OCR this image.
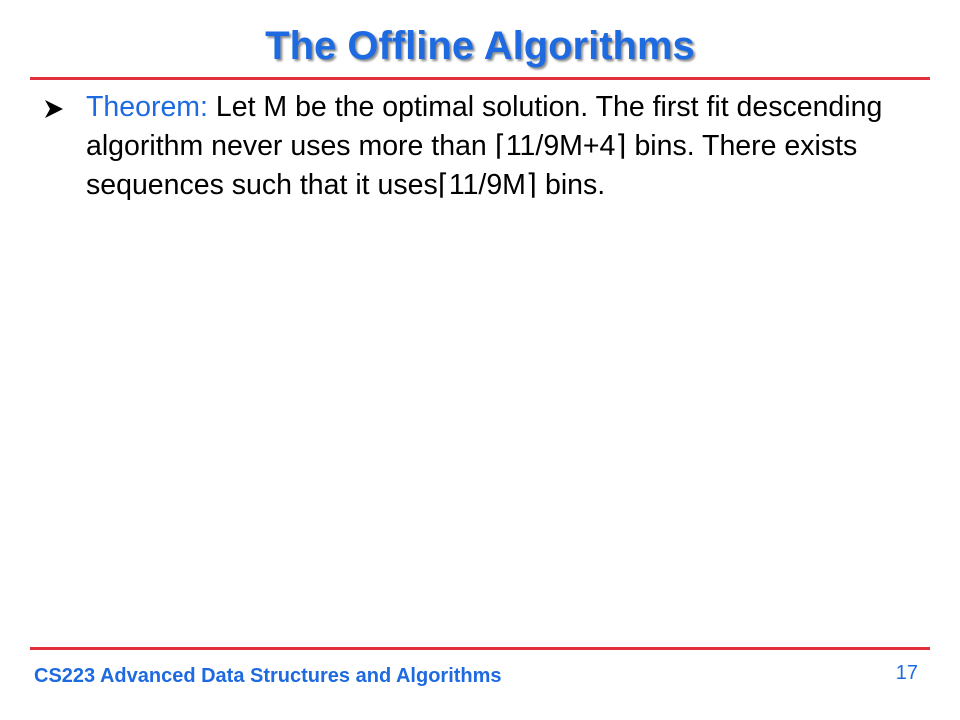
The Offline Algorithms
Theorem: Let M be the optimal solution. The first fit descending algorithm never uses more than ⌈11/9M+4⌉ bins. There exists sequences such that it uses⌈11/9M⌉ bins.
CS223 Advanced Data Structures and Algorithms	17
